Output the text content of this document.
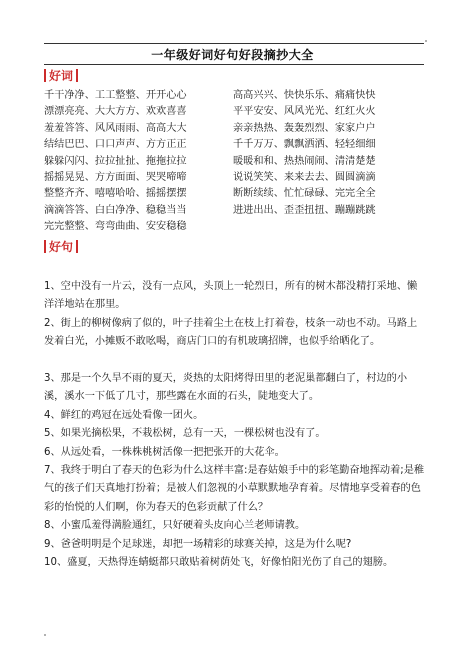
一年级好词好句好段摘抄大全
好词
千干净净、工工整整、开开心心
漂漂亮亮、大大方方、欢欢喜喜
羞羞答答、风风雨雨、高高大大
结结巴巴、口口声声、方方正正
躲躲闪闪、拉拉扯扯、拖拖拉拉
摇摇晃晃、方方面面、哭哭啼啼
整整齐齐、嘻嘻哈哈、摇摇摆摆
滴滴答答、白白净净、稳稳当当
完完整整、弯弯曲曲、安安稳稳
高高兴兴、快快乐乐、痛痛快快
平平安安、风风光光、红红火火
亲亲热热、轰轰烈烈、家家户户
千千万万、飘飘洒洒、轻轻细细
暖暖和和、热热闹闹、清清楚楚
说说笑笑、来来去去、圆圆滴滴
断断续续、忙忙碌碌、完完全全
进进出出、歪歪扭扭、蹦蹦跳跳
好句

1、空中没有一片云，没有一点风，头顶上一轮烈日，所有的树木都没精打采地、懒洋洋地站在那里。

2、街上的柳树像病了似的，叶子挂着尘土在枝上打着卷，枝条一动也不动。马路上发着白光，小摊贩不敢吆喝，商店门口的有机玻璃招牌，也似乎给晒化了。

3、那是一个久旱不雨的夏天，炎热的太阳烤得田里的老泥巢都翻白了，村边的小溪，溪水一下低了几寸，那些露在水面的石头，陡地变大了。

4、鲜红的鸡冠在远处看像一团火。

5、如果光摘松果，不栽松树，总有一天，一棵松树也没有了。

6、从远处看，一株株桃树活像一把把张开的大花伞。

7、我终于明白了春天的色彩为什么这样丰富:是春姑娘手中的彩笔勤奋地挥动着;是稚气的孩子们天真地打扮着；是被人们忽视的小草默默地孕育着。尽情地享受着春的色彩的怡悦的人们啊，你为春天的色彩贡献了什么？

8、小蜜瓜羞得满脸通红，只好硬着头皮向心兰老师请教。

9、爸爸明明是个足球迷，却把一场精彩的球赛关掉，这是为什么呢?

10、盛夏，天热得连蜻蜓都只敢贴着树荫处飞，好像怕阳光伤了自己的翅膀。
